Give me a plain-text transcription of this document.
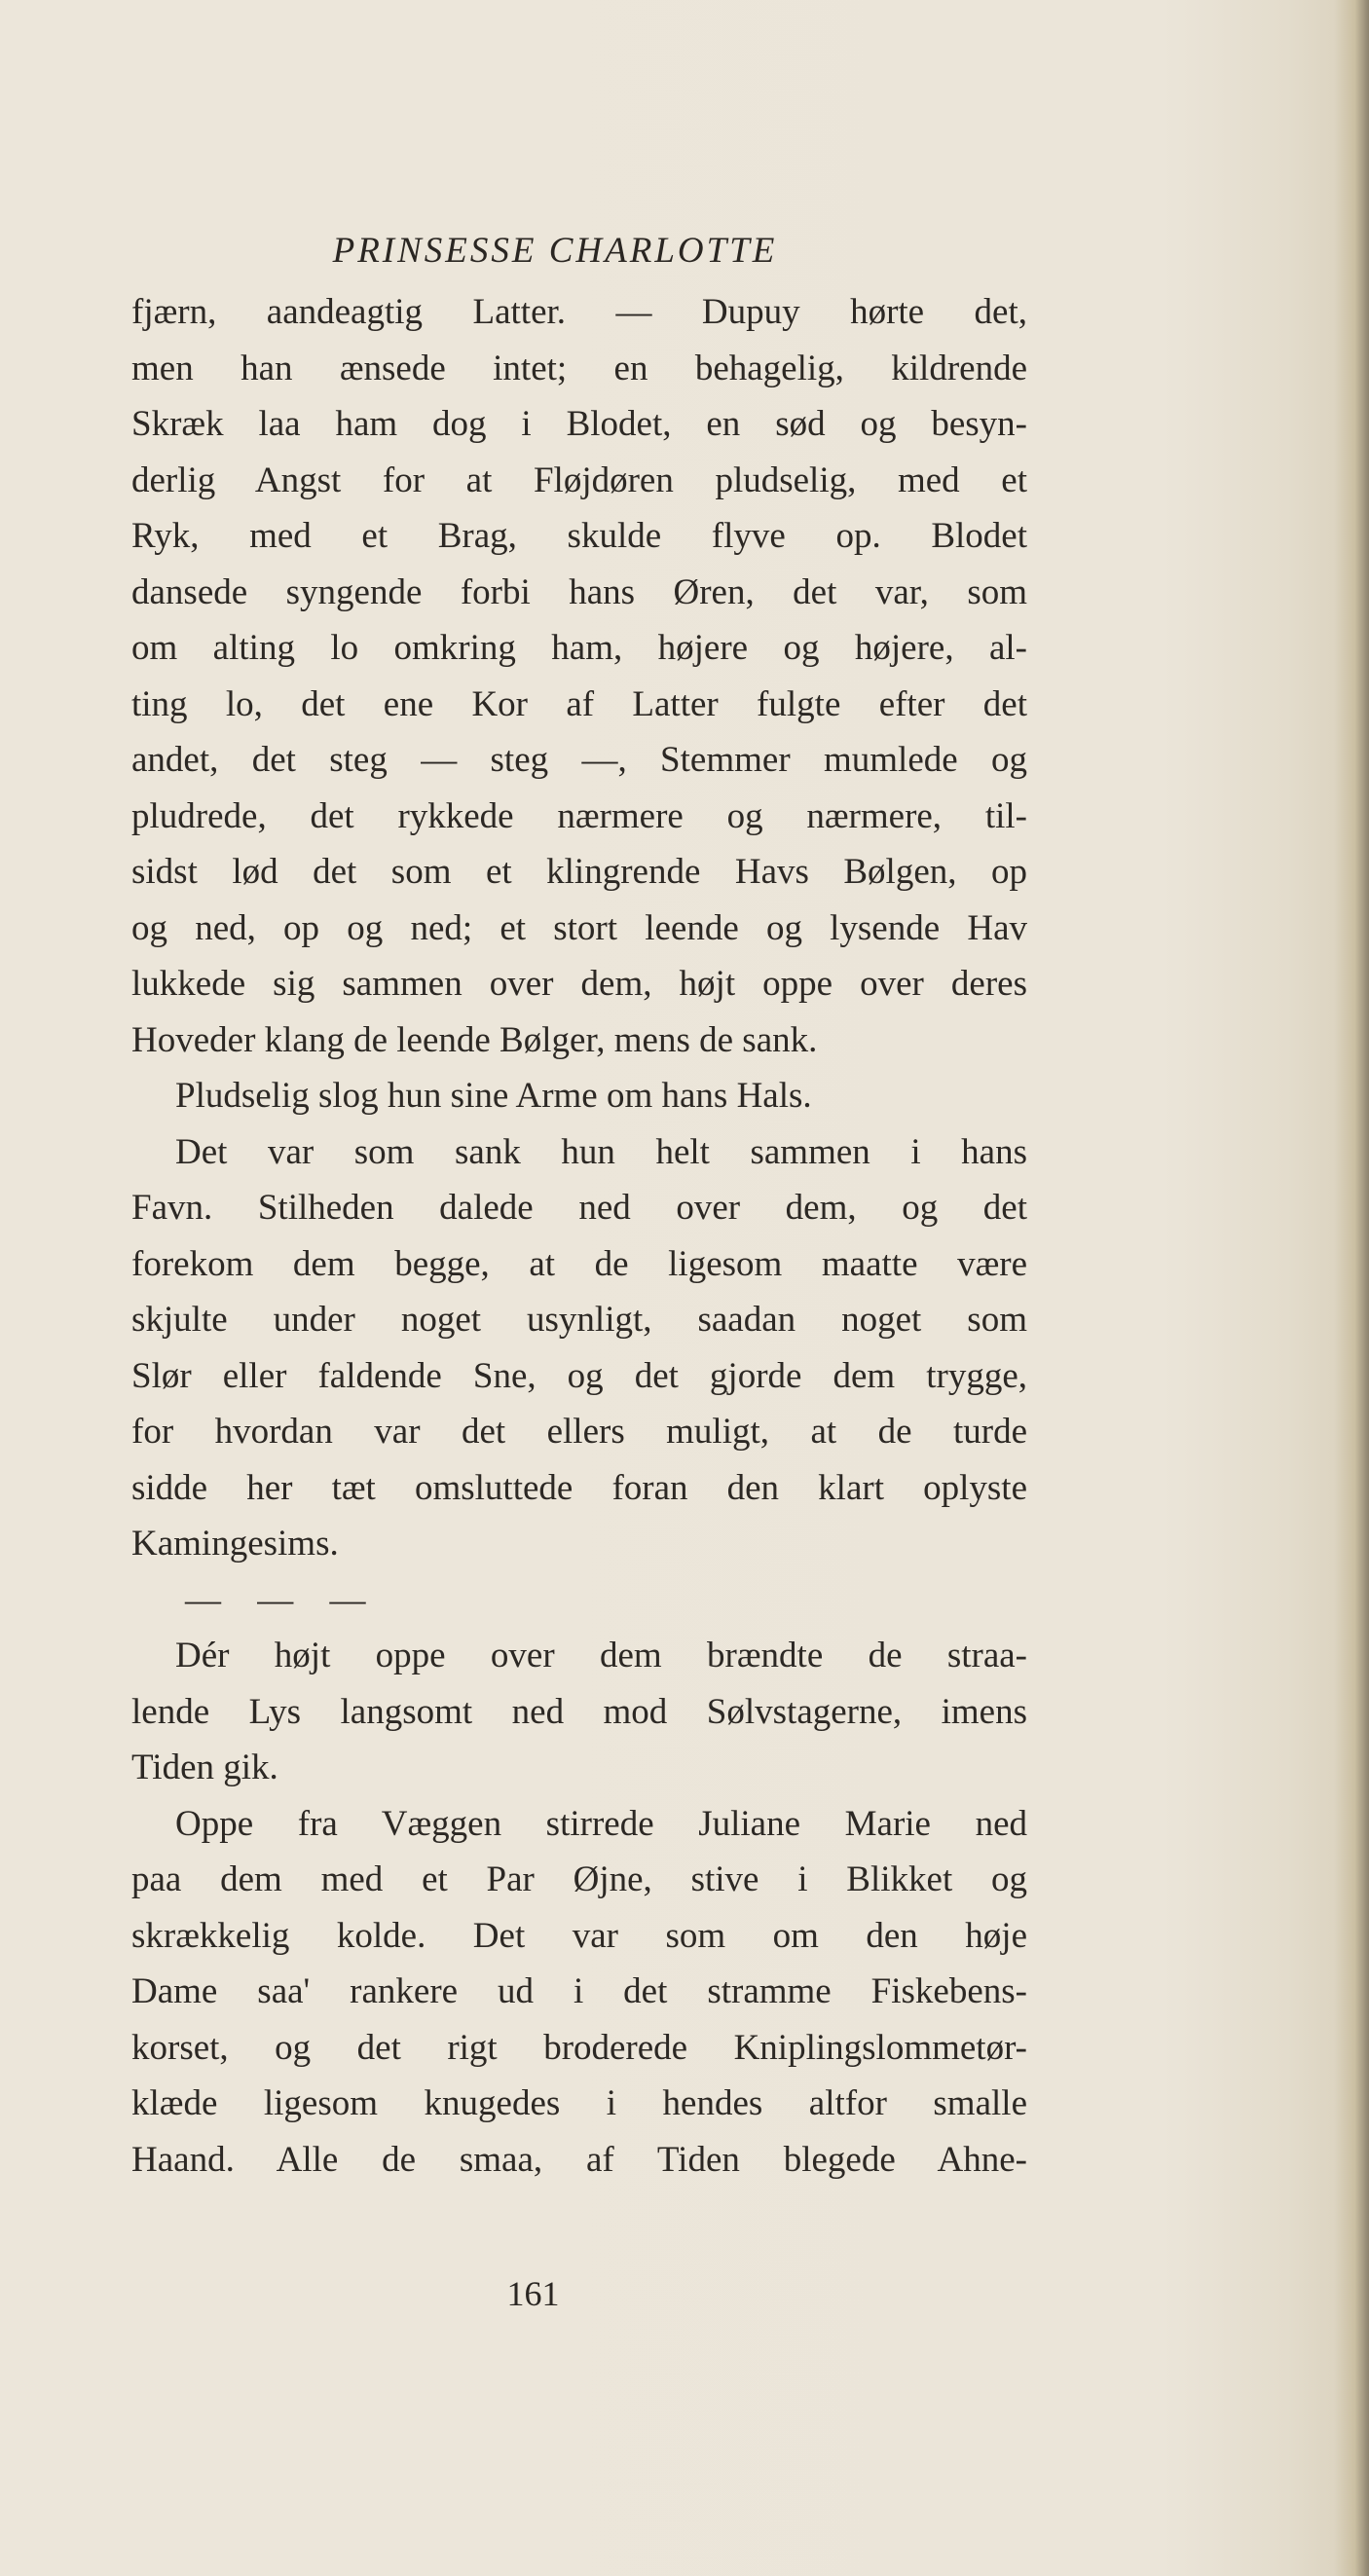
PRINSESSE CHARLOTTE
fjærn, aandeagtig Latter. — Dupuy hørte det,
men han ænsede intet; en behagelig, kildrende
Skræk laa ham dog i Blodet, en sød og besyn-
derlig Angst for at Fløjdøren pludselig, med et
Ryk, med et Brag, skulde flyve op. Blodet
dansede syngende forbi hans Øren, det var, som
om alting lo omkring ham, højere og højere, al-
ting lo, det ene Kor af Latter fulgte efter det
andet, det steg — steg —, Stemmer mumlede og
pludrede, det rykkede nærmere og nærmere, til-
sidst lød det som et klingrende Havs Bølgen, op
og ned, op og ned; et stort leende og lysende Hav
lukkede sig sammen over dem, højt oppe over deres
Hoveder klang de leende Bølger, mens de sank.
Pludselig slog hun sine Arme om hans Hals.
Det var som sank hun helt sammen i hans
Favn. Stilheden dalede ned over dem, og det
forekom dem begge, at de ligesom maatte være
skjulte under noget usynligt, saadan noget som
Slør eller faldende Sne, og det gjorde dem trygge,
for hvordan var det ellers muligt, at de turde
sidde her tæt omsluttede foran den klart oplyste
Kamingesims.
— — —
Dér højt oppe over dem brændte de straa-
lende Lys langsomt ned mod Sølvstagerne, imens
Tiden gik.
Oppe fra Væggen stirrede Juliane Marie ned
paa dem med et Par Øjne, stive i Blikket og
skrækkelig kolde. Det var som om den høje
Dame saa' rankere ud i det stramme Fiskebens-
korset, og det rigt broderede Kniplingslommetør-
klæde ligesom knugedes i hendes altfor smalle
Haand. Alle de smaa, af Tiden blegede Ahne-
161
